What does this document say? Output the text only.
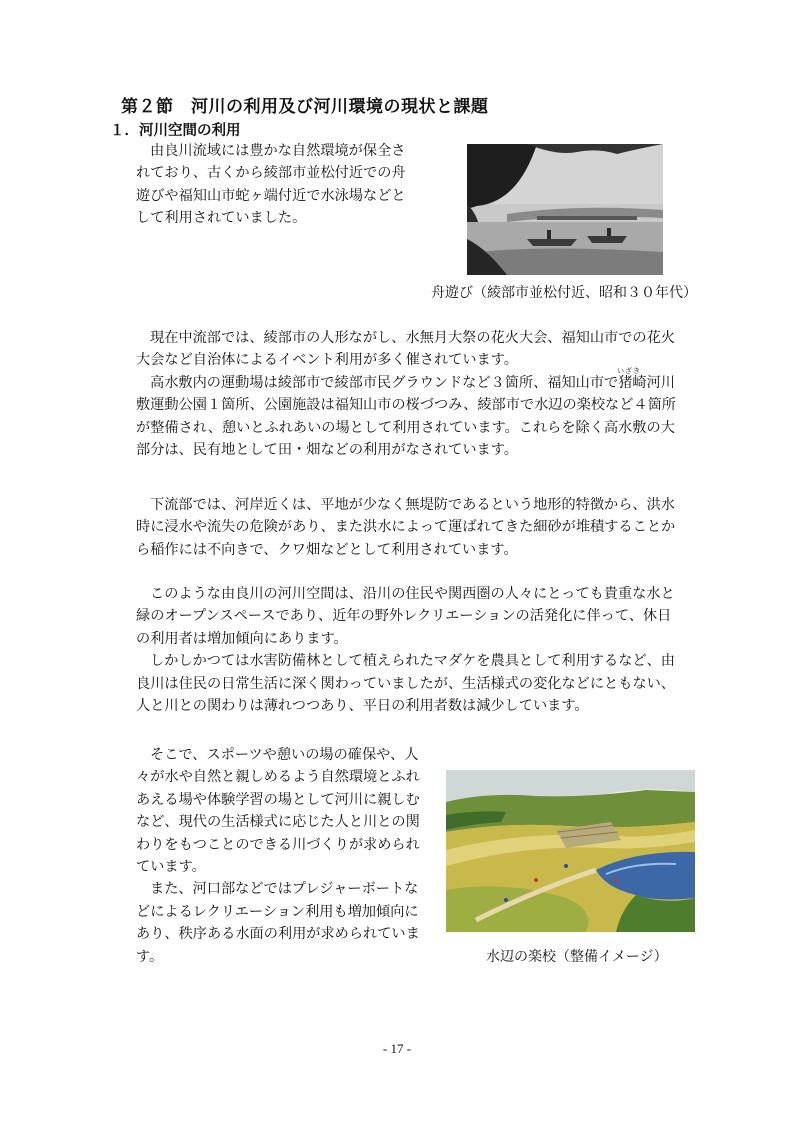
第２節　河川の利用及び河川環境の現状と課題
１．河川空間の利用
由良川流域には豊かな自然環境が保全さ
れており、古くから綾部市並松付近での舟
遊びや福知山市蛇ヶ端付近で水泳場などと
して利用されていました。
舟遊び（綾部市並松付近、昭和３０年代）
現在中流部では、綾部市の人形ながし、水無月大祭の花火大会、福知山市での花火
大会など自治体によるイベント利用が多く催されています。
高水敷内の運動場は綾部市で綾部市民グラウンドなど３箇所、福知山市で猪崎河川
敷運動公園１箇所、公園施設は福知山市の桜づつみ、綾部市で水辺の楽校など４箇所
が整備され、憩いとふれあいの場として利用されています。これらを除く高水敷の大
部分は、民有地として田・畑などの利用がなされています。
いざき
下流部では、河岸近くは、平地が少なく無堤防であるという地形的特徴から、洪水
時に浸水や流失の危険があり、また洪水によって運ばれてきた細砂が堆積することか
ら稲作には不向きで、クワ畑などとして利用されています。
このような由良川の河川空間は、沿川の住民や関西圏の人々にとっても貴重な水と
緑のオープンスペースであり、近年の野外レクリエーションの活発化に伴って、休日
の利用者は増加傾向にあります。
しかしかつては水害防備林として植えられたマダケを農具として利用するなど、由
良川は住民の日常生活に深く関わっていましたが、生活様式の変化などにともない、
人と川との関わりは薄れつつあり、平日の利用者数は減少しています。
そこで、スポーツや憩いの場の確保や、人
々が水や自然と親しめるよう自然環境とふれ
あえる場や体験学習の場として河川に親しむ
など、現代の生活様式に応じた人と川との関
わりをもつことのできる川づくりが求められ
ています。
また、河口部などではプレジャーボートな
どによるレクリエーション利用も増加傾向に
あり、秩序ある水面の利用が求められていま
す。	水辺の楽校（整備イメージ）
- 17 -
